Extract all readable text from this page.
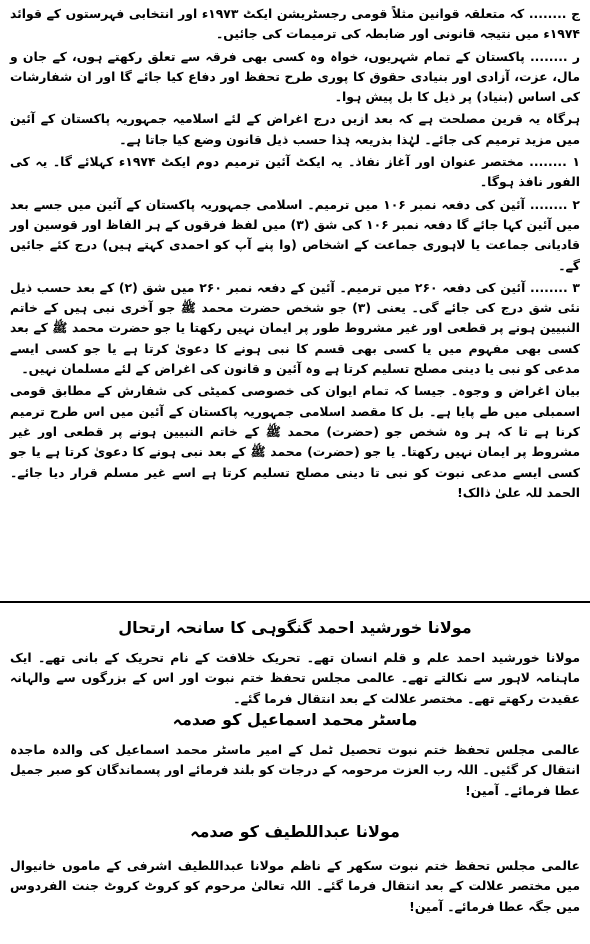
ج ........ کہ متعلقہ قوانین مثلاً قومی رجسٹریشن ایکٹ ۱۹۷۳ء اور انتخابی فہرستوں کے قوائد ۱۹۷۴ء میں نتیجہ قانونی اور ضابطہ کی ترمیمات کی جائیں۔

ر ........ پاکستان کے تمام شہریوں، خواہ وہ کسی بھی فرقہ سے تعلق رکھتے ہوں، کے جان و مال، عزت، آزادی اور بنیادی حقوق کا پوری طرح تحفظ اور دفاع کیا جائے گا اور ان شفارشات کی اساس (بنیاد) پر ذیل کا بل پیش ہوا۔

ہرگاہ یہ قرین مصلحت ہے کہ بعد ازیں درج اغراض کے لئے اسلامیہ جمہوریہ پاکستان کے آئین میں مزید ترمیم کی جائے۔ لہٰذا بذریعہ ہٰذا حسب ذیل قانون وضع کیا جاتا ہے۔

۱ ........ مختصر عنوان اور آغاز نفاذ۔ یہ ایکٹ آئین ترمیم دوم ایکٹ ۱۹۷۴ء کہلائے گا۔ یہ کی الفور نافذ ہوگا۔

۲ ........ آئین کی دفعہ نمبر ۱۰۶ میں ترمیم۔ اسلامی جمہوریہ پاکستان کے آئین میں جسے بعد میں آئین کہا جائے گا دفعہ نمبر ۱۰۶ کی شق (۳) میں لفظ فرقوں کے ہر الفاظ اور قوسین اور قادیانی جماعت یا لاہوری جماعت کے اشخاص (وا پنے آپ کو احمدی کہتے ہیں) درج کئے جائیں گے۔

۳ ........ آئین کی دفعہ ۲۶۰ میں ترمیم۔ آئین کے دفعہ نمبر ۲۶۰ میں شق (۲) کے بعد حسب ذیل نئی شق درج کی جائے گی۔ یعنی (۳) جو شخص حضرت محمد ﷺ جو آخری نبی ہیں کے خاتم النبیین ہونے پر قطعی اور غیر مشروط طور پر ایمان نہیں رکھتا یا جو حضرت محمد ﷺ کے بعد کسی بھی مفہوم میں یا کسی بھی قسم کا نبی ہونے کا دعویٰ کرتا ہے یا جو کسی ایسے مدعی کو نبی یا دینی مصلح تسلیم کرتا ہے وہ آئین و قانون کی اغراض کے لئے مسلمان نہیں۔

بیان اغراض و وجوہ۔ جیسا کہ تمام ایوان کی خصوصی کمیٹی کی شفارش کے مطابق قومی اسمبلی میں طے پایا ہے۔ بل کا مقصد اسلامی جمہوریہ پاکستان کے آئین میں اس طرح ترمیم کرنا ہے تا کہ ہر وہ شخص جو (حضرت) محمد ﷺ کے خاتم النبیین ہونے پر قطعی اور غیر مشروط پر ایمان نہیں رکھتا۔ یا جو (حضرت) محمد ﷺ کے بعد نبی ہونے کا دعویٰ کرتا ہے یا جو کسی ایسے مدعی نبوت کو نبی تا دینی مصلح تسلیم کرتا ہے اسے غیر مسلم قرار دیا جائے۔ الحمد للہ علیٰ ذالک!

مولانا خورشید احمد گنگوہی کا سانحہ ارتحال

مولانا خورشید احمد علم و قلم انسان تھے۔ تحریک خلافت کے نام تحریک کے بانی تھے۔ ایک ماہنامہ لاہور سے نکالتے تھے۔ عالمی مجلس تحفظ ختم نبوت اور اس کے بزرگوں سے والہانہ عقیدت رکھتے تھے۔ مختصر علالت کے بعد انتقال فرما گئے۔

ماسٹر محمد اسماعیل کو صدمہ

عالمی مجلس تحفظ ختم نبوت تحصیل ٹمل کے امیر ماسٹر محمد اسماعیل کی والدہ ماجدہ انتقال کر گئیں۔ اللہ رب العزت مرحومہ کے درجات کو بلند فرمائے اور پسماندگان کو صبر جمیل عطا فرمائے۔ آمین!

مولانا عبداللطیف کو صدمہ

عالمی مجلس تحفظ ختم نبوت سکھر کے ناظم مولانا عبداللطیف اشرفی کے ماموں خانیوال میں مختصر علالت کے بعد انتقال فرما گئے۔ اللہ تعالیٰ مرحوم کو کروٹ کروٹ جنت الفردوس میں جگہ عطا فرمائے۔ آمین!
